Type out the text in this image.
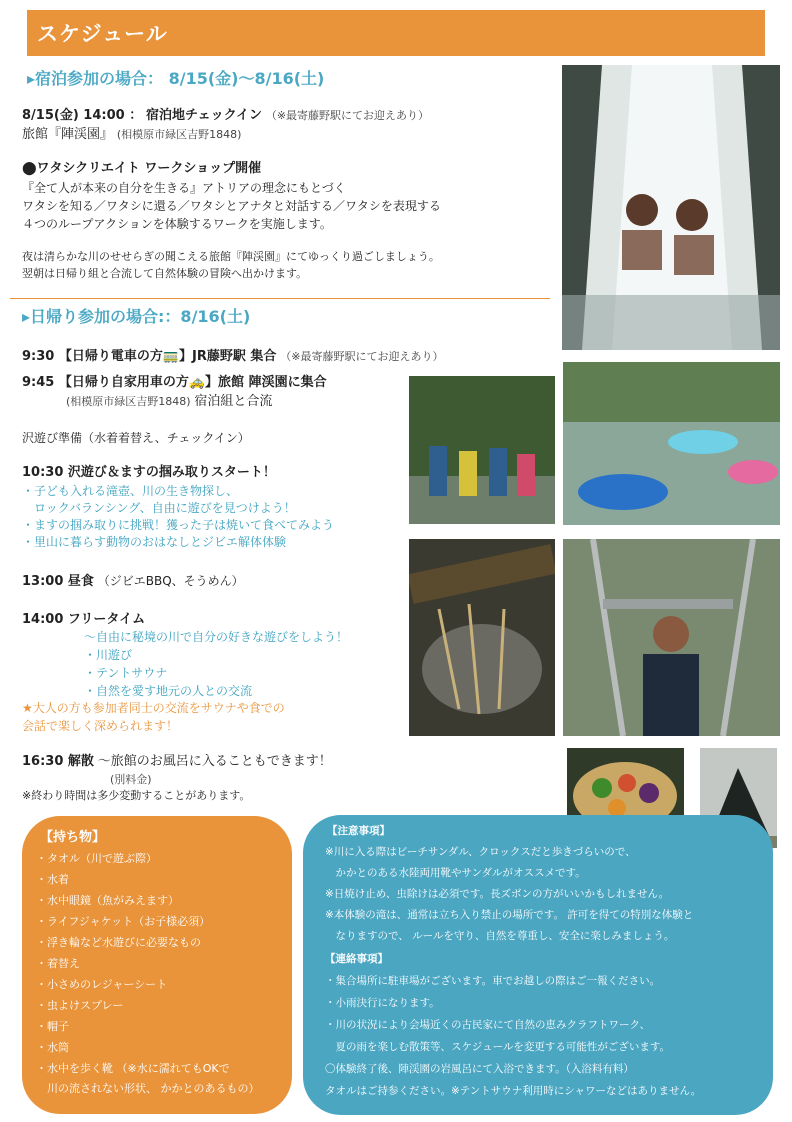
スケジュール
▸宿泊参加の場合： 8/15(金)〜8/16(土)
8/15(金) 14:00 ： 宿泊地チェックイン （※最寄藤野駅にてお迎えあり）
旅館『陣渓園』 (相模原市緑区吉野1848)
⬤ワタシクリエイト ワークショップ開催
『全て人が本来の自分を生きる』アトリアの理念にもとづく
ワタシを知る／ワタシに還る／ワタシとアナタと対話する／ワタシを表現する
４つのループアクションを体験するワークを実施します。
夜は清らかな川のせせらぎの聞こえる旅館『陣渓園』にてゆっくり過ごしましょう。
翌朝は日帰り組と合流して自然体験の冒険へ出かけます。
▸日帰り参加の場合:：8/16(土)
9:30 【日帰り電車の方🚃】JR藤野駅 集合 （※最寄藤野駅にてお迎えあり）
9:45 【日帰り自家用車の方🚕】旅館 陣渓園に集合
(相模原市緑区吉野1848) 宿泊組と合流
沢遊び準備（水着着替え、チェックイン）
10:30 沢遊び＆ますの掴み取りスタート！
・子ども入れる滝壺、川の生き物探し、
　ロックバランシング、自由に遊びを見つけよう！
・ますの掴み取りに挑戦！獲った子は焼いて食べてみよう
・里山に暮らす動物のおはなしとジビエ解体体験
13:00 昼食 （ジビエBBQ、そうめん）
14:00 フリータイム
〜自由に秘境の川で自分の好きな遊びをしよう！
・川遊び
・テントサウナ
・自然を愛す地元の人との交流
★大人の方も参加者同士の交流をサウナや食での
会話で楽しく深められます！
16:30 解散 〜旅館のお風呂に入ることもできます！
(別料金)
※終わり時間は多少変動することがあります。
【持ち物】
・タオル（川で遊ぶ際）
・水着
・水中眼鏡（魚がみえます）
・ライフジャケット（お子様必須）
・浮き輪など水遊びに必要なもの
・着替え
・小さめのレジャーシート
・虫よけスプレー
・帽子
・水筒
・水中を歩く靴 （※水に濡れてもOKで
　川の流されない形状、 かかとのあるもの）
【注意事項】
※川に入る際はビーチサンダル、クロックスだと歩きづらいので、
　かかとのある水陸両用靴やサンダルがオススメです。
※日焼け止め、虫除けは必須です。長ズボンの方がいいかもしれません。
※本体験の滝は、通常は立ち入り禁止の場所です。 許可を得ての特別な体験と
　なりますので、 ルールを守り、自然を尊重し、安全に楽しみましょう。
【連絡事項】
・集合場所に駐車場がございます。車でお越しの際はご一報ください。
・小雨決行になります。
・川の状況により会場近くの古民家にて自然の恵みクラフトワーク、
　夏の雨を楽しむ散策等、スケジュールを変更する可能性がございます。
〇体験終了後、陣渓園の岩風呂にて入浴できます。（入浴料有料）
タオルはご持参ください。※テントサウナ利用時にシャワーなどはありません。
